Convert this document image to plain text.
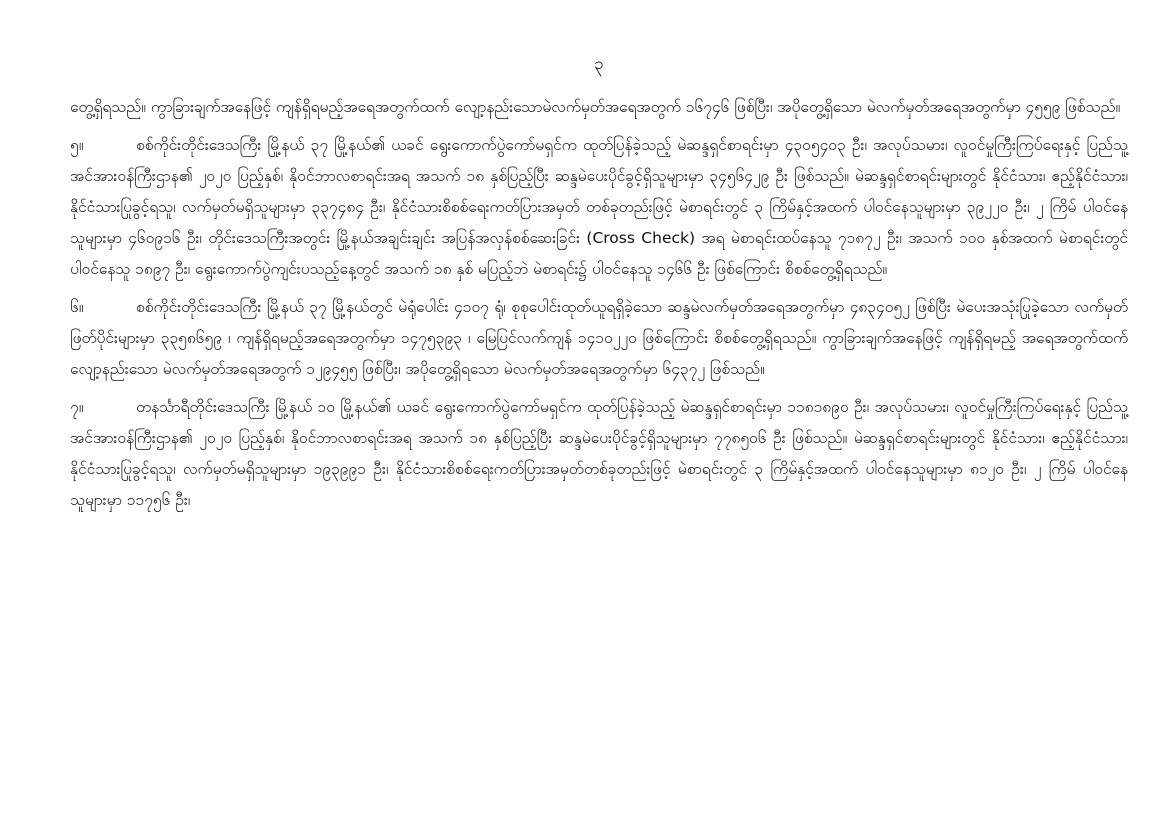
၃

တွေ့ရှိရသည်။ ကွာခြားချက်အနေဖြင့် ကျန်ရှိရမည့်အရေအတွက်ထက် လျော့နည်းသောမဲလက်မှတ်အရေအတွက် ၁၆၇၄၆ ဖြစ်ပြီး၊ အပိုတွေ့ရှိသော မဲလက်မှတ်အရေအတွက်မှာ ၄၅၅၉ ဖြစ်သည်။

၅။	စစ်ကိုင်းတိုင်းဒေသကြီး မြို့နယ် ၃၇ မြို့နယ်၏ ယခင် ရွေးကောက်ပွဲကော်မရှင်က ထုတ်ပြန်ခဲ့သည့် မဲဆန္ဒရှင်စာရင်းမှာ ၄၃၀၅၄၀၃ ဦး၊ အလုပ်သမား၊ လူဝင်မှုကြီးကြပ်ရေးနှင့် ပြည်သူ့အင်အားဝန်ကြီးဌာန၏ ၂၀၂၀ ပြည့်နှစ်၊ နိုဝင်ဘာလစာရင်းအရ အသက် ၁၈ နှစ်ပြည့်ပြီး ဆန္ဒမဲပေးပိုင်ခွင့်ရှိသူများမှာ ၃၄၅၆၄၂၉ ဦး ဖြစ်သည်။ မဲဆန္ဒရှင်စာရင်းများတွင် နိုင်ငံသား၊ ဧည့်နိုင်ငံသား၊ နိုင်ငံသားပြုခွင့်ရသူ၊ လက်မှတ်မရှိသူများမှာ ၃၃၇၄၈၄ ဦး၊ နိုင်ငံသားစိစစ်ရေးကတ်ပြားအမှတ် တစ်ခုတည်းဖြင့် မဲစာရင်းတွင် ၃ ကြိမ်နှင့်အထက် ပါဝင်နေသူများမှာ ၃၉၂၂၀ ဦး၊ ၂ ကြိမ် ပါဝင်နေသူများမှာ ၄၆၀၉၁၆ ဦး၊ တိုင်းဒေသကြီးအတွင်း မြို့နယ်အချင်းချင်း အပြန်အလှန်စစ်ဆေးခြင်း (Cross Check) အရ မဲစာရင်းထပ်နေသူ ၇၁၈၇၂ ဦး၊ အသက် ၁၀၀ နှစ်အထက် မဲစာရင်းတွင် ပါဝင်နေသူ ၁၈၉၇ ဦး၊ ရွေးကောက်ပွဲကျင်းပသည့်နေ့တွင် အသက် ၁၈ နှစ် မပြည့်ဘဲ မဲစာရင်း၌ ပါဝင်နေသူ ၁၄၆၆ ဦး ဖြစ်ကြောင်း စိစစ်တွေ့ရှိရသည်။

၆။	စစ်ကိုင်းတိုင်းဒေသကြီး မြို့နယ် ၃၇ မြို့နယ်တွင် မဲရုံပေါင်း ၄၁၀၇ ရုံ၊ စုစုပေါင်းထုတ်ယူရရှိခဲ့သော ဆန္ဒမဲလက်မှတ်အရေအတွက်မှာ ၄၈၃၄၀၅၂ ဖြစ်ပြီး မဲပေးအသုံးပြုခဲ့သော လက်မှတ်ဖြတ်ပိုင်းများမှာ ၃၃၅၈၆၅၉ ၊ ကျန်ရှိရမည့်အရေအတွက်မှာ ၁၄၇၅၃၉၃ ၊ မြေပြင်လက်ကျန် ၁၄၁၀၂၂၀ ဖြစ်ကြောင်း စိစစ်တွေ့ရှိရသည်။ ကွာခြားချက်အနေဖြင့် ကျန်ရှိရမည့် အရေအတွက်ထက် လျော့နည်းသော မဲလက်မှတ်အရေအတွက် ၁၂၉၄၅၅ ဖြစ်ပြီး၊ အပိုတွေ့ရှိရသော မဲလက်မှတ်အရေအတွက်မှာ ၆၄၃၇၂ ဖြစ်သည်။

၇။	တနင်္သာရီတိုင်းဒေသကြီး မြို့နယ် ၁၀ မြို့နယ်၏ ယခင် ရွေးကောက်ပွဲကော်မရှင်က ထုတ်ပြန်ခဲ့သည့် မဲဆန္ဒရှင်စာရင်းမှာ ၁၁၈၁၈၉၀ ဦး၊ အလုပ်သမား၊ လူဝင်မှုကြီးကြပ်ရေးနှင့် ပြည်သူ့အင်အားဝန်ကြီးဌာန၏ ၂၀၂၀ ပြည့်နှစ်၊ နိုဝင်ဘာလစာရင်းအရ အသက် ၁၈ နှစ်ပြည့်ပြီး ဆန္ဒမဲပေးပိုင်ခွင့်ရှိသူများမှာ ၇၇၈၅၀၆ ဦး ဖြစ်သည်။ မဲဆန္ဒရှင်စာရင်းများတွင် နိုင်ငံသား၊ ဧည့်နိုင်ငံသား၊ နိုင်ငံသားပြုခွင့်ရသူ၊ လက်မှတ်မရှိသူများမှာ ၁၉၃၉၉၁ ဦး၊ နိုင်ငံသားစိစစ်ရေးကတ်ပြားအမှတ်တစ်ခုတည်းဖြင့် မဲစာရင်းတွင် ၃ ကြိမ်နှင့်အထက် ပါဝင်နေသူများမှာ ၈၁၂၀ ဦး၊ ၂ ကြိမ် ပါဝင်နေသူများမှာ ၁၁၇၅၆ ဦး၊
